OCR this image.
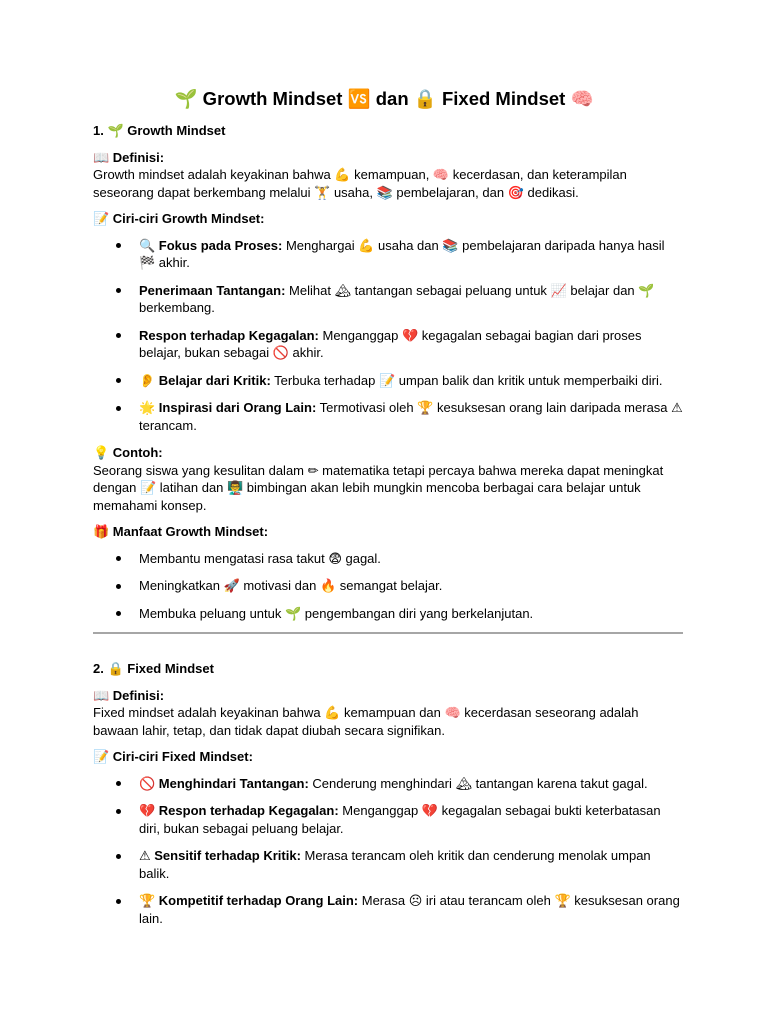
🌱 Growth Mindset 🆚 dan 🔒 Fixed Mindset 🧠
1. 🌱 Growth Mindset
📖 Definisi:
Growth mindset adalah keyakinan bahwa 💪 kemampuan, 🧠 kecerdasan, dan keterampilan seseorang dapat berkembang melalui 🏋 usaha, 📚 pembelajaran, dan 🎯 dedikasi.
📝 Ciri-ciri Growth Mindset:
🔍 Fokus pada Proses: Menghargai 💪 usaha dan 📚 pembelajaran daripada hanya hasil 🏁 akhir.
Penerimaan Tantangan: Melihat 🏔 tantangan sebagai peluang untuk 📈 belajar dan 🌱 berkembang.
Respon terhadap Kegagalan: Menganggap 💔 kegagalan sebagai bagian dari proses belajar, bukan sebagai 🚫 akhir.
👂 Belajar dari Kritik: Terbuka terhadap 📝 umpan balik dan kritik untuk memperbaiki diri.
🌟 Inspirasi dari Orang Lain: Termotivasi oleh 🏆 kesuksesan orang lain daripada merasa ⚠ terancam.
💡 Contoh:
Seorang siswa yang kesulitan dalam ✏ matematika tetapi percaya bahwa mereka dapat meningkat dengan 📝 latihan dan 👨‍🏫 bimbingan akan lebih mungkin mencoba berbagai cara belajar untuk memahami konsep.
🎁 Manfaat Growth Mindset:
Membantu mengatasi rasa takut 😨 gagal.
Meningkatkan 🚀 motivasi dan 🔥 semangat belajar.
Membuka peluang untuk 🌱 pengembangan diri yang berkelanjutan.
2. 🔒 Fixed Mindset
📖 Definisi:
Fixed mindset adalah keyakinan bahwa 💪 kemampuan dan 🧠 kecerdasan seseorang adalah bawaan lahir, tetap, dan tidak dapat diubah secara signifikan.
📝 Ciri-ciri Fixed Mindset:
🚫 Menghindari Tantangan: Cenderung menghindari 🏔 tantangan karena takut gagal.
💔 Respon terhadap Kegagalan: Menganggap 💔 kegagalan sebagai bukti keterbatasan diri, bukan sebagai peluang belajar.
⚠ Sensitif terhadap Kritik: Merasa terancam oleh kritik dan cenderung menolak umpan balik.
🏆 Kompetitif terhadap Orang Lain: Merasa ☹ iri atau terancam oleh 🏆 kesuksesan orang lain.
